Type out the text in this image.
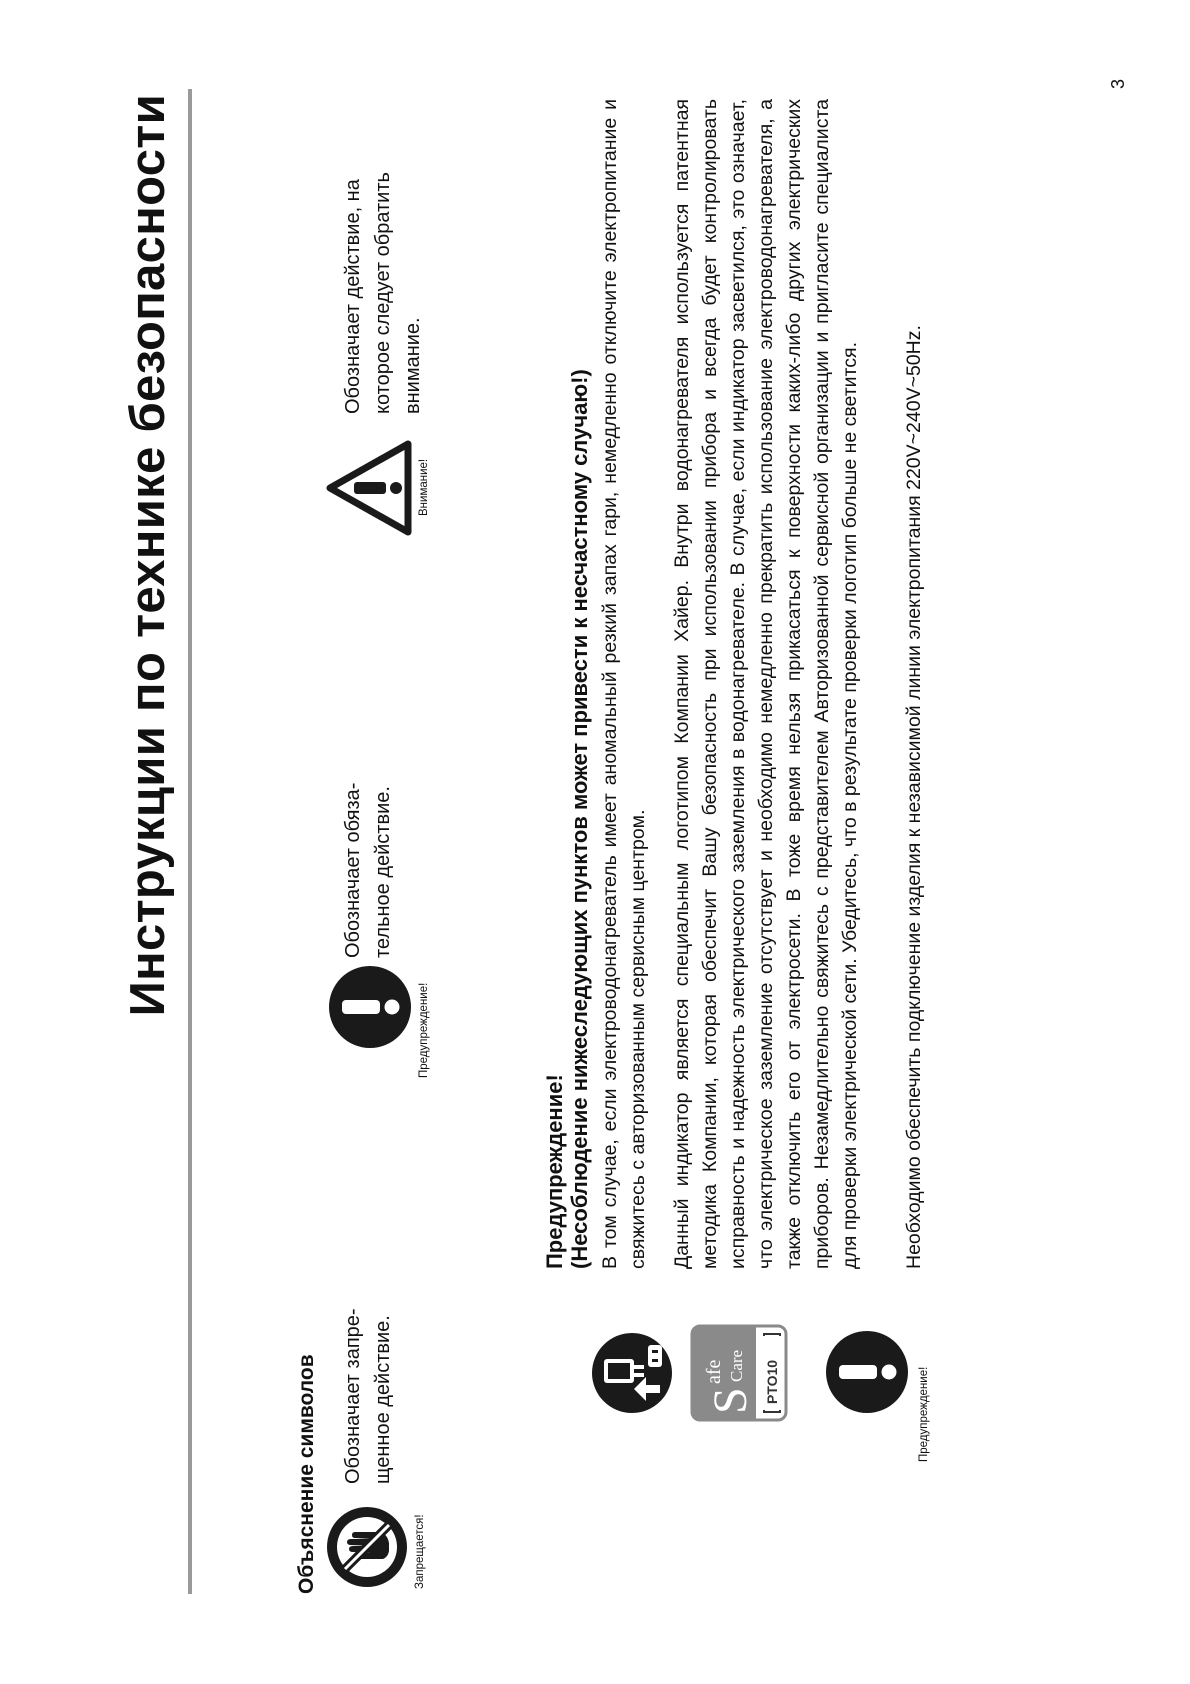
Инструкции по технике безопасности
Объяснение символов	Запрещается!
Обозначает запре- щенное действие.
Предупреждение!
Обозначает обяза- тельное действие.
Внимание!
Обозначает действие, на которое следует обратить внимание.
Предупреждение! (Несоблюдение нижеследующих пунктов может привести к несчастному случаю!) В том случае, если электроводонагреватель имеет аномальный резкий запах гари, немедленно отключите электропитание и свяжитесь с авторизованным сервисным центром.
S
afe Care PTO10
Данный индикатор является специальным логотипом Компании Хайер. Внутри водонагревателя используется патентная методика Компании, которая обеспечит Вашу безопасность при использовании прибора и всегда будет контролировать исправность и надежность электрического заземления в водонагревателе. В случае, если индикатор засветился, это означает, что электрическое заземление отсутствует и необходимо немедленно прекратить использование электроводонагревателя, а также отключить его от электросети. В тоже время нельзя прикасаться к поверхности каких-либо других электрических приборов. Незамедлительно свяжитесь с представителем Авторизованной сервисной организации и пригласите специалиста для проверки электрической сети. Убедитесь, что в результате проверки логотип больше не светится.
Предупреждение!
Необходимо обеспечить подключение изделия к независимой линии электропитания 220V~240V~50Hz.
3
